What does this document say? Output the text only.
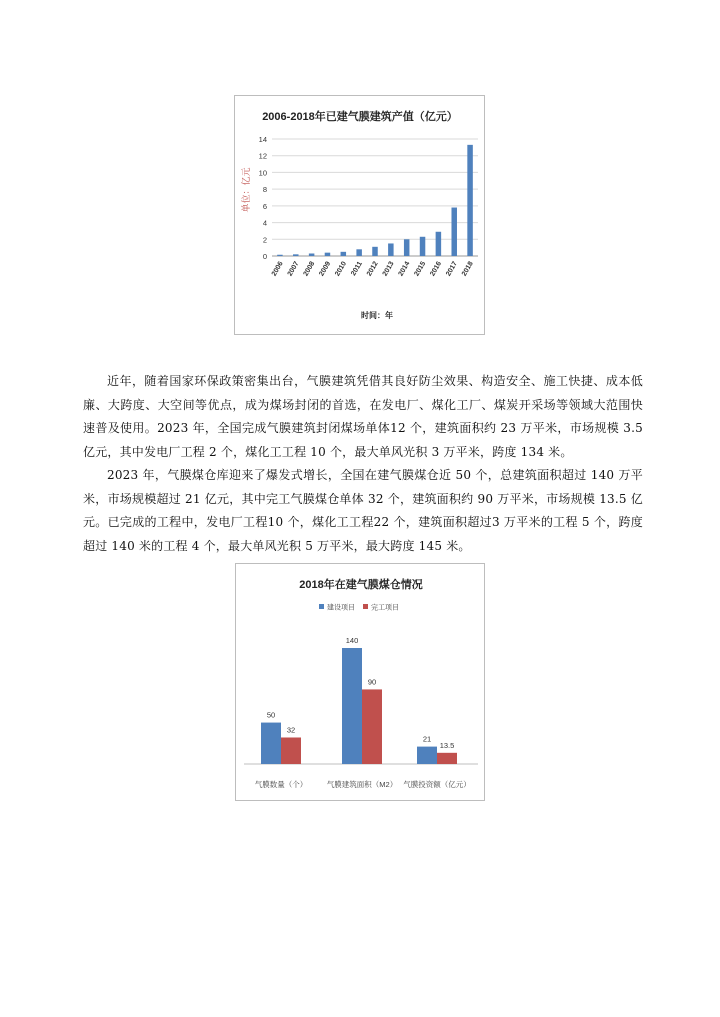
2006-2018年已建气膜建筑产值（亿元）
单位：亿元
时间：年
0
2
4
6
8
10
12
14
2006 2007 2008 2009 2010 2011 2012 2013 2014 2015 2016 2017 2018

近年，随着国家环保政策密集出台，气膜建筑凭借其良好防尘效果、构造安全、施工快捷、成本低廉、大跨度、大空间等优点，成为煤场封闭的首选，在发电厂、煤化工厂、煤炭开采场等领域大范围快速普及使用。2023 年，全国完成气膜建筑封闭煤场单体12 个，建筑面积约 23 万平米，市场规模 3.5 亿元，其中发电厂工程 2 个，煤化工工程 10 个，最大单风光积 3 万平米，跨度 134 米。

2023 年，气膜煤仓库迎来了爆发式增长，全国在建气膜煤仓近 50 个，总建筑面积超过 140 万平米，市场规模超过 21 亿元，其中完工气膜煤仓单体 32 个，建筑面积约 90 万平米，市场规模 13.5 亿元。已完成的工程中，发电厂工程10 个，煤化工工程22 个，建筑面积超过3 万平米的工程 5 个，跨度超过 140 米的工程 4 个，最大单风光积 5 万平米，最大跨度 145 米。

2018年在建气膜煤仓情况
建设项目 完工项目
50
32
气膜数量（个）
140
90
气膜建筑面积（M2）
21
13.5
气膜投资额（亿元）
